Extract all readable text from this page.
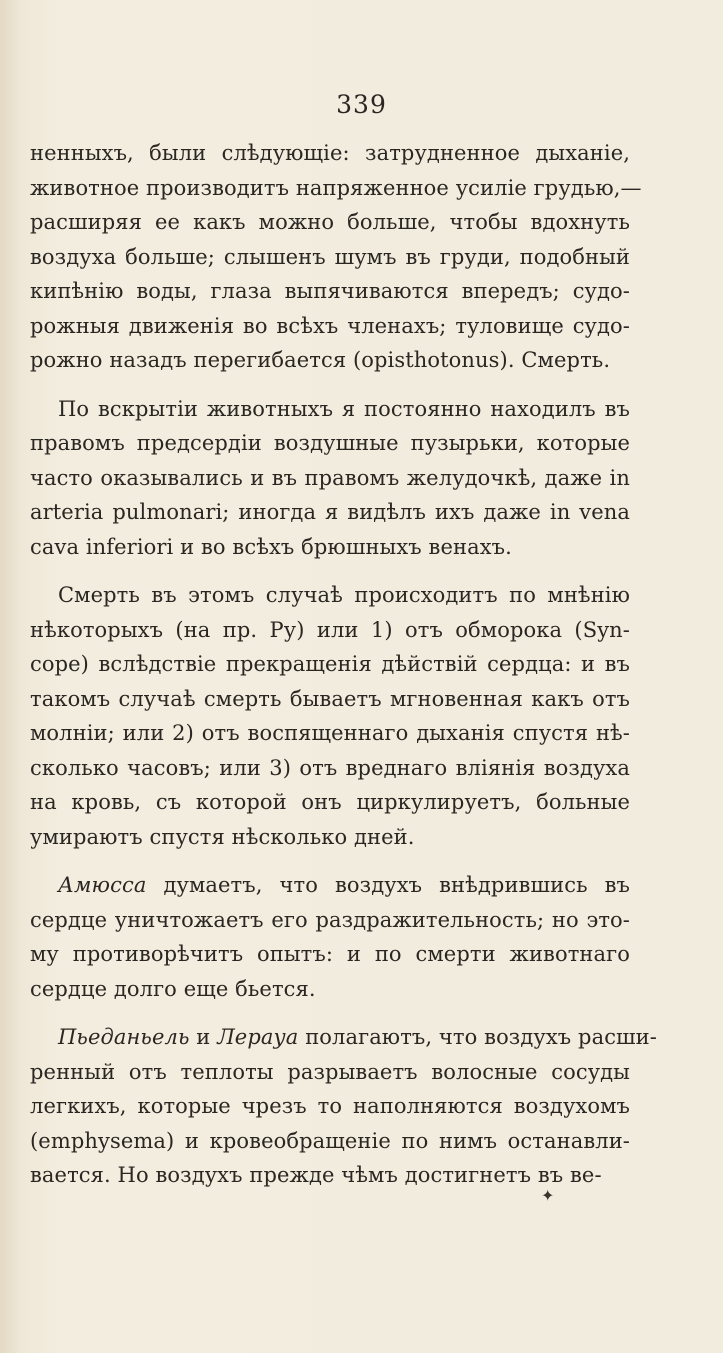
339
ненныхъ, были слѣдующіе: затрудненное дыханіе,
животное производитъ напряженное усиліе грудью,—
расширяя ее какъ можно больше, чтобы вдохнуть
воздуха больше; слышенъ шумъ въ груди, подобный
кипѣнію воды, глаза выпячиваются впередъ; судо-
рожныя движенія во всѣхъ членахъ; туловище судо-
рожно назадъ перегибается (opisthotonus). Смерть.
По вскрытіи животныхъ я постоянно находилъ въ
правомъ предсердіи воздушные пузырьки, которые
часто оказывались и въ правомъ желудочкѣ, даже in
arteria pulmonari; иногда я видѣлъ ихъ даже in vena
cava inferiori и во всѣхъ брюшныхъ венахъ.
Смерть въ этомъ случаѣ происходитъ по мнѣнію
нѣкоторыхъ (на пр. Ру) или 1) отъ обморока (Syn-
cope) вслѣдствіе прекращенія дѣйствій сердца: и въ
такомъ случаѣ смерть бываетъ мгновенная какъ отъ
молніи; или 2) отъ воспященнаго дыханія спустя нѣ-
сколько часовъ; или 3) отъ вреднаго вліянія воздуха
на кровь, съ которой онъ циркулируетъ, больные
умираютъ спустя нѣсколько дней.
Амюсса думаетъ, что воздухъ внѣдрившись въ
сердце уничтожаетъ его раздражительность; но это-
му противорѣчитъ опытъ: и по смерти животнаго
сердце долго еще бьется.
Пьеданьель и Лерауа полагаютъ, что воздухъ расши-
ренный отъ теплоты разрываетъ волосные сосуды
легкихъ, которые чрезъ то наполняются воздухомъ
(emphysema) и кровеобращеніе по нимъ останавли-
вается. Но воздухъ прежде чѣмъ достигнетъ въ ве-
✦
